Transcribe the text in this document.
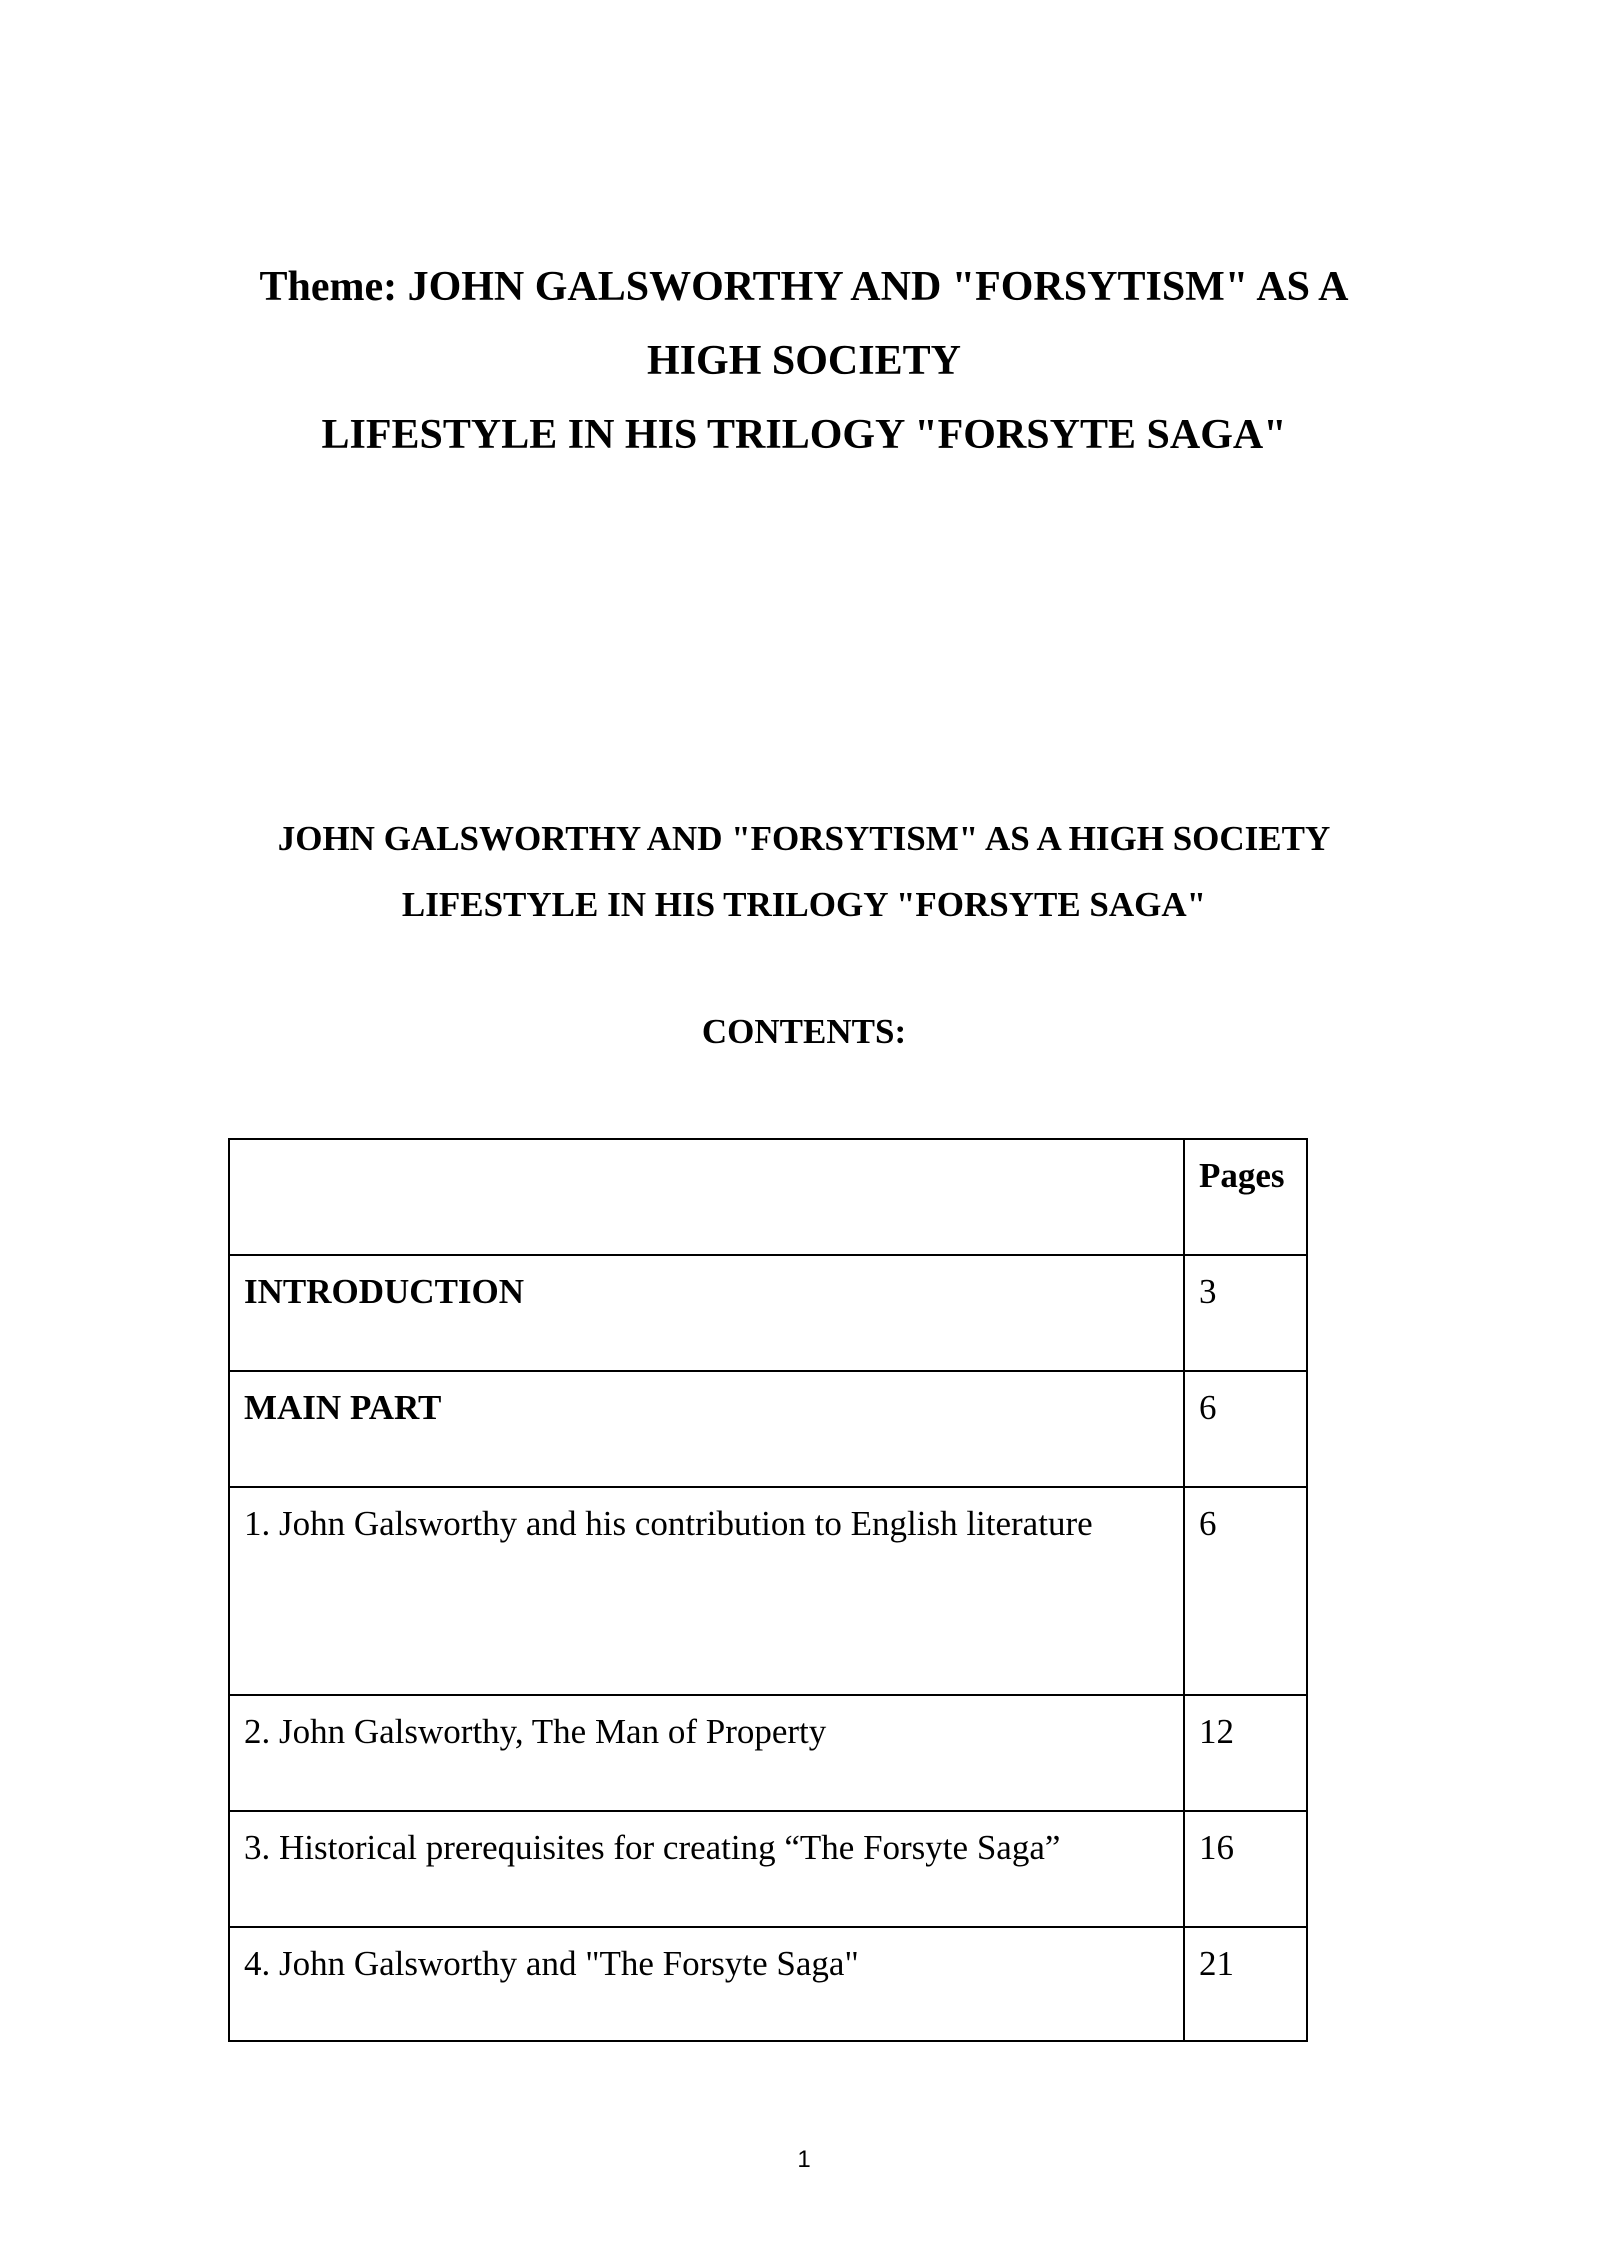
Theme: JOHN GALSWORTHY AND "FORSYTISM" AS A
HIGH SOCIETY
LIFESTYLE IN HIS TRILOGY "FORSYTE SAGA"
JOHN GALSWORTHY AND "FORSYTISM" AS A HIGH SOCIETY
LIFESTYLE IN HIS TRILOGY "FORSYTE SAGA"
CONTENTS:
	Pages
INTRODUCTION	3
MAIN PART	6
1. John Galsworthy and his contribution to English literature	6
2. John Galsworthy, The Man of Property	12
3. Historical prerequisites for creating “The Forsyte Saga”	16
4. John Galsworthy and "The Forsyte Saga"	21
1
